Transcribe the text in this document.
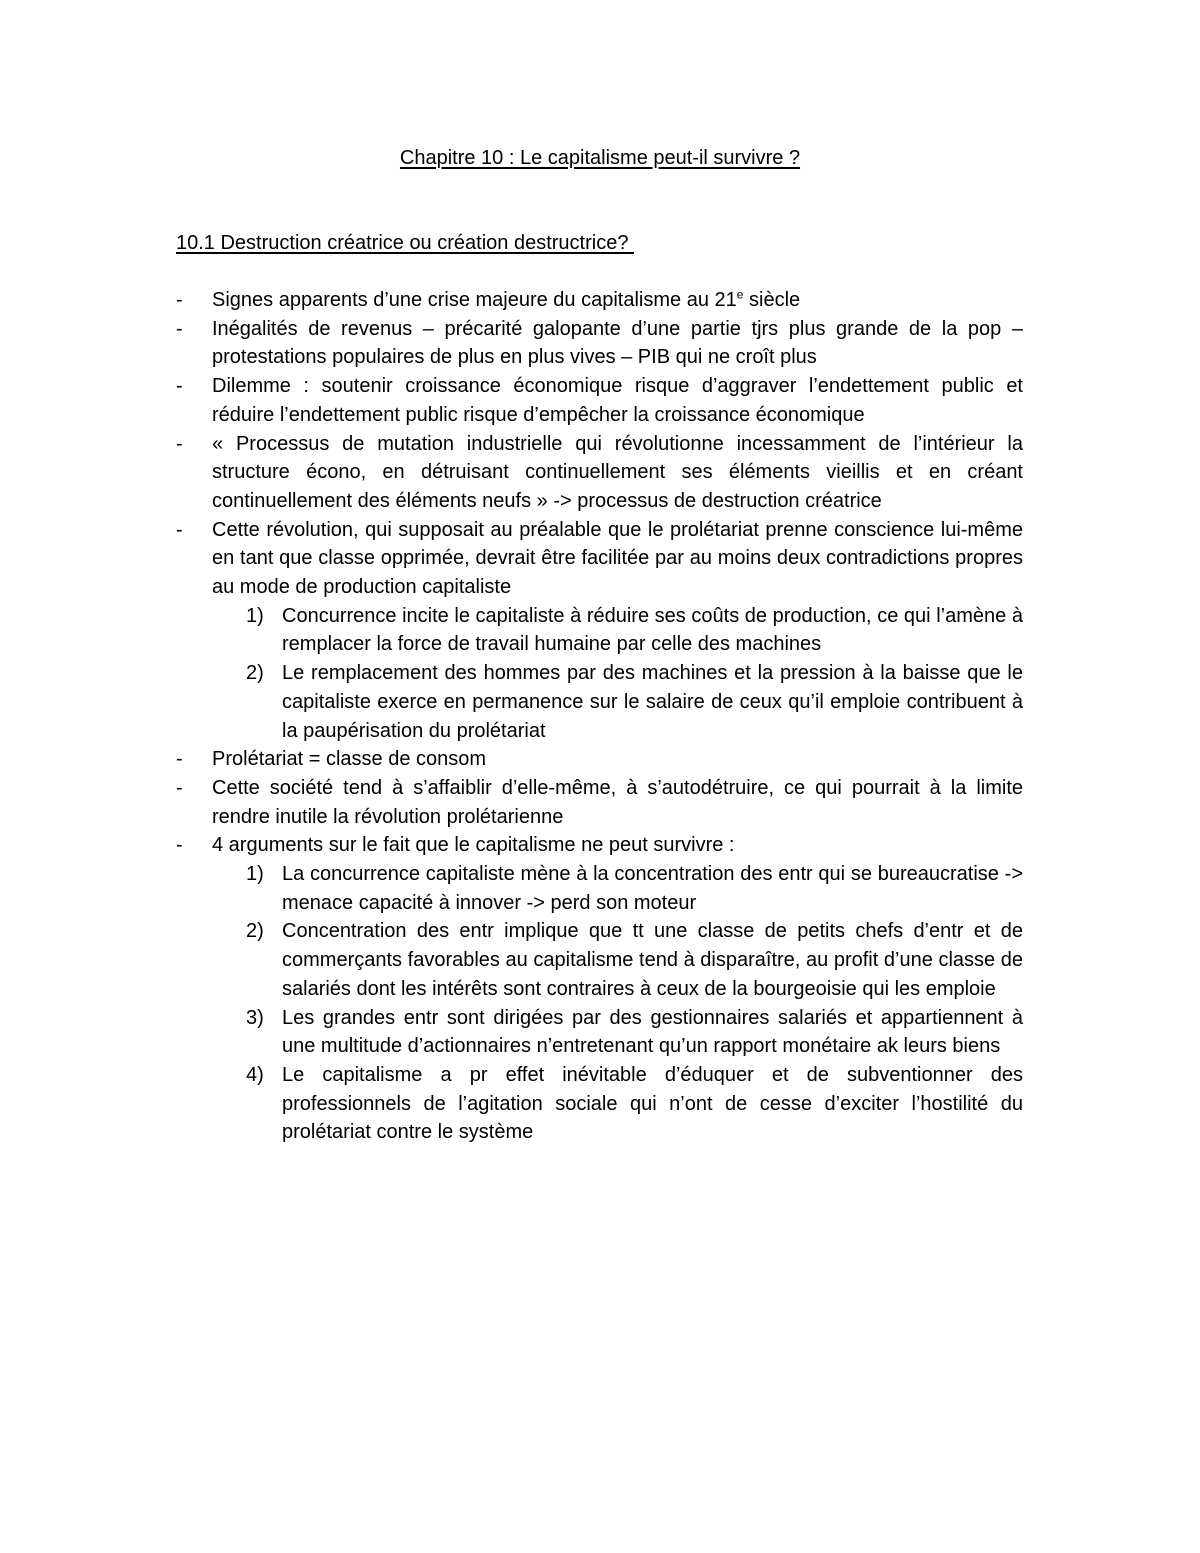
Chapitre 10 : Le capitalisme peut-il survivre ?
10.1 Destruction créatrice ou création destructrice?
-	Signes apparents d’une crise majeure du capitalisme au 21e siècle
-	Inégalités de revenus – précarité galopante d’une partie tjrs plus grande de la pop – protestations populaires de plus en plus vives – PIB qui ne croît plus
-	Dilemme : soutenir croissance économique risque d’aggraver l’endettement public et réduire l’endettement public risque d’empêcher la croissance économique
-	« Processus de mutation industrielle qui révolutionne incessamment de l’intérieur la structure écono, en détruisant continuellement ses éléments vieillis et en créant continuellement des éléments neufs » -> processus de destruction créatrice
-	Cette révolution, qui supposait au préalable que le prolétariat prenne conscience lui-même en tant que classe opprimée, devrait être facilitée par au moins deux contradictions propres au mode de production capitaliste
1) Concurrence incite le capitaliste à réduire ses coûts de production, ce qui l’amène à remplacer la force de travail humaine par celle des machines
2) Le remplacement des hommes par des machines et la pression à la baisse que le capitaliste exerce en permanence sur le salaire de ceux qu’il emploie contribuent à la paupérisation du prolétariat
-	Prolétariat = classe de consom
-	Cette société tend à s’affaiblir d’elle-même, à s’autodétruire, ce qui pourrait à la limite rendre inutile la révolution prolétarienne
-	4 arguments sur le fait que le capitalisme ne peut survivre :
1) La concurrence capitaliste mène à la concentration des entr qui se bureaucratise -> menace capacité à innover -> perd son moteur
2) Concentration des entr implique que tt une classe de petits chefs d’entr et de commerçants favorables au capitalisme tend à disparaître, au profit d’une classe de salariés dont les intérêts sont contraires à ceux de la bourgeoisie qui les emploie
3) Les grandes entr sont dirigées par des gestionnaires salariés et appartiennent à une multitude d’actionnaires n’entretenant qu’un rapport monétaire ak leurs biens
4) Le capitalisme a pr effet inévitable d’éduquer et de subventionner des professionnels de l’agitation sociale qui n’ont de cesse d’exciter l’hostilité du prolétariat contre le système
